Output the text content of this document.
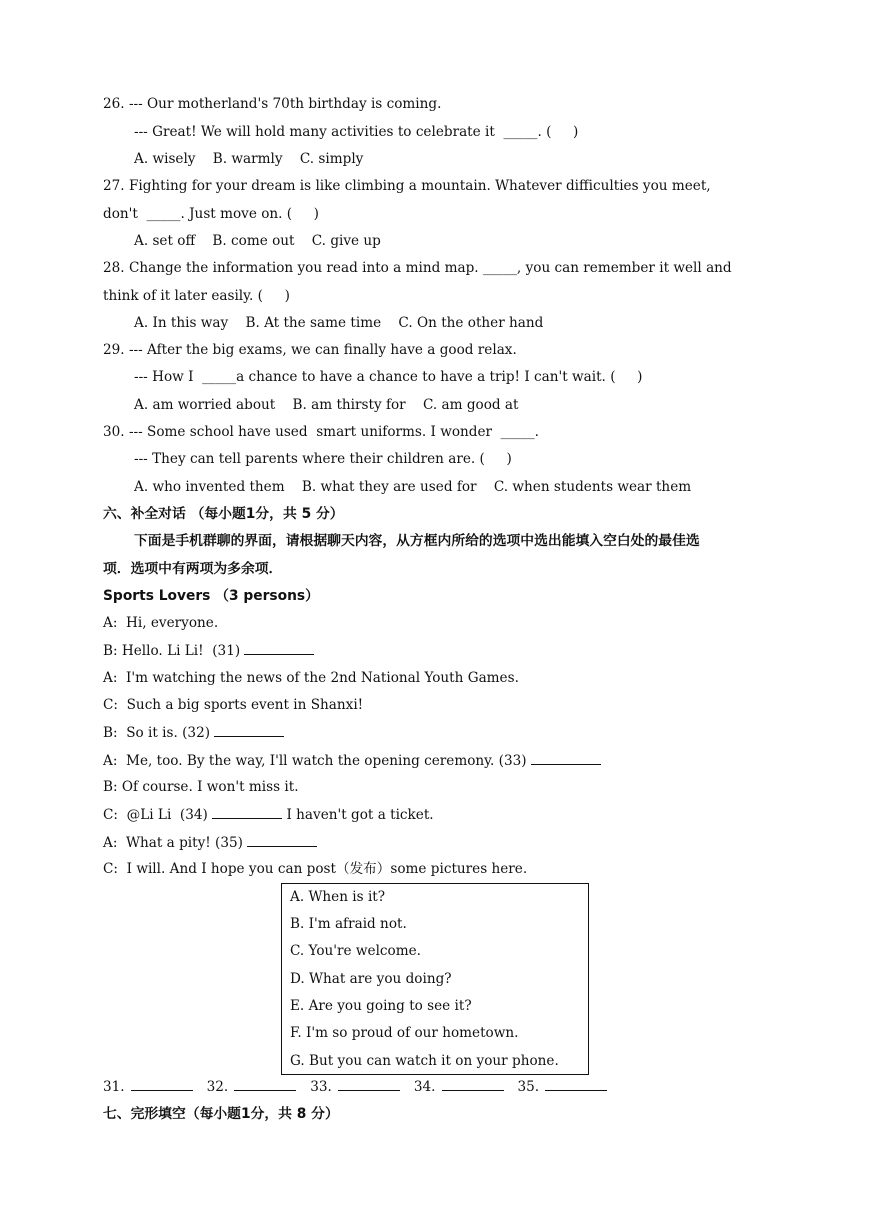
26. --- Our motherland's 70th birthday is coming.
--- Great! We will hold many activities to celebrate it  _____. (     )
A. wisely    B. warmly    C. simply
27. Fighting for your dream is like climbing a mountain. Whatever difficulties you meet,
don't  _____. Just move on. (     )
A. set off    B. come out    C. give up
28. Change the information you read into a mind map. _____, you can remember it well and
think of it later easily. (     )
A. In this way    B. At the same time    C. On the other hand
29. --- After the big exams, we can finally have a good relax.
--- How I  _____a chance to have a chance to have a trip! I can't wait. (     )
A. am worried about    B. am thirsty for    C. am good at
30. --- Some school have used  smart uniforms. I wonder  _____.
--- They can tell parents where their children are. (     )
A. who invented them    B. what they are used for    C. when students wear them
六、补全对话 （每小题1分，共 5 分）
下面是手机群聊的界面，请根据聊天内容，从方框内所给的选项中选出能填入空白处的最佳选
项．选项中有两项为多余项．
Sports Lovers （3 persons）
A:  Hi, everyone.
B: Hello. Li Li!  (31)
A:  I'm watching the news of the 2nd National Youth Games.
C:  Such a big sports event in Shanxi!
B:  So it is. (32)
A:  Me, too. By the way, I'll watch the opening ceremony. (33)
B: Of course. I won't miss it.
C:  @Li Li  (34)	I haven't got a ticket.
A:  What a pity! (35)
C:  I will. And I hope you can post（发布）some pictures here.
A. When is it?
B. I'm afraid not.
C. You're welcome.
D. What are you doing?
E. Are you going to see it?
F. I'm so proud of our hometown.
G. But you can watch it on your phone.
31.	32.	33.	34.	35.
七、完形填空（每小题1分，共 8 分）
